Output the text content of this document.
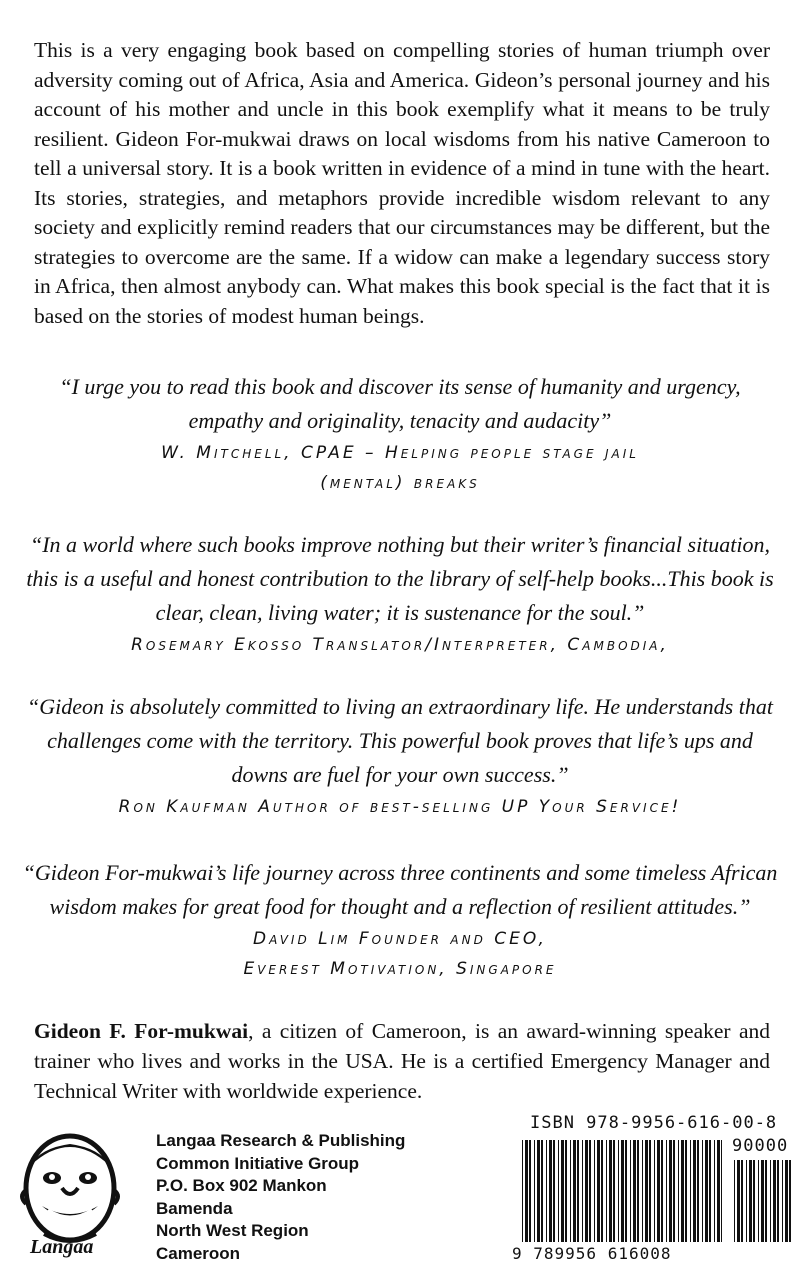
This is a very engaging book based on compelling stories of human triumph over adversity coming out of Africa, Asia and America. Gideon’s personal journey and his account of his mother and uncle in this book exemplify what it means to be truly resilient. Gideon For-mukwai draws on local wisdoms from his native Cameroon to tell a universal story. It is a book written in evidence of a mind in tune with the heart. Its stories, strategies, and metaphors provide incredible wisdom relevant to any society and explicitly remind readers that our circumstances may be different, but the strategies to overcome are the same. If a widow can make a legendary success story in Africa, then almost anybody can. What makes this book special is the fact that it is based on the stories of modest human beings.

“I urge you to read this book and discover its sense of humanity and urgency, empathy and originality, tenacity and audacity”

W. Mitchell, CPAE – Helping people stage jail
(mental) breaks

“In a world where such books improve nothing but their writer’s financial situation, this is a useful and honest contribution to the library of self-help books...This book is clear, clean, living water; it is sustenance for the soul.”

Rosemary Ekosso Translator/Interpreter, Cambodia,

“Gideon is absolutely committed to living an extraordinary life. He understands that challenges come with the territory. This powerful book proves that life’s ups and downs are fuel for your own success.”

Ron Kaufman Author of best-selling UP Your Service!

“Gideon For-mukwai’s life journey across three continents and some timeless African wisdom makes for great food for thought and a reflection of resilient attitudes.”

David Lim Founder and CEO,
Everest Motivation, Singapore

Gideon F. For-mukwai, a citizen of Cameroon, is an award-winning speaker and trainer who lives and works in the USA. He is a certified Emergency Manager and Technical Writer with worldwide experience.

Langaa
Langaa Research & Publishing
Common Initiative Group
P.O. Box 902 Mankon
Bamenda
North West Region
Cameroon
ISBN 978-9956-616-00-8
90000
9 789956 616008
